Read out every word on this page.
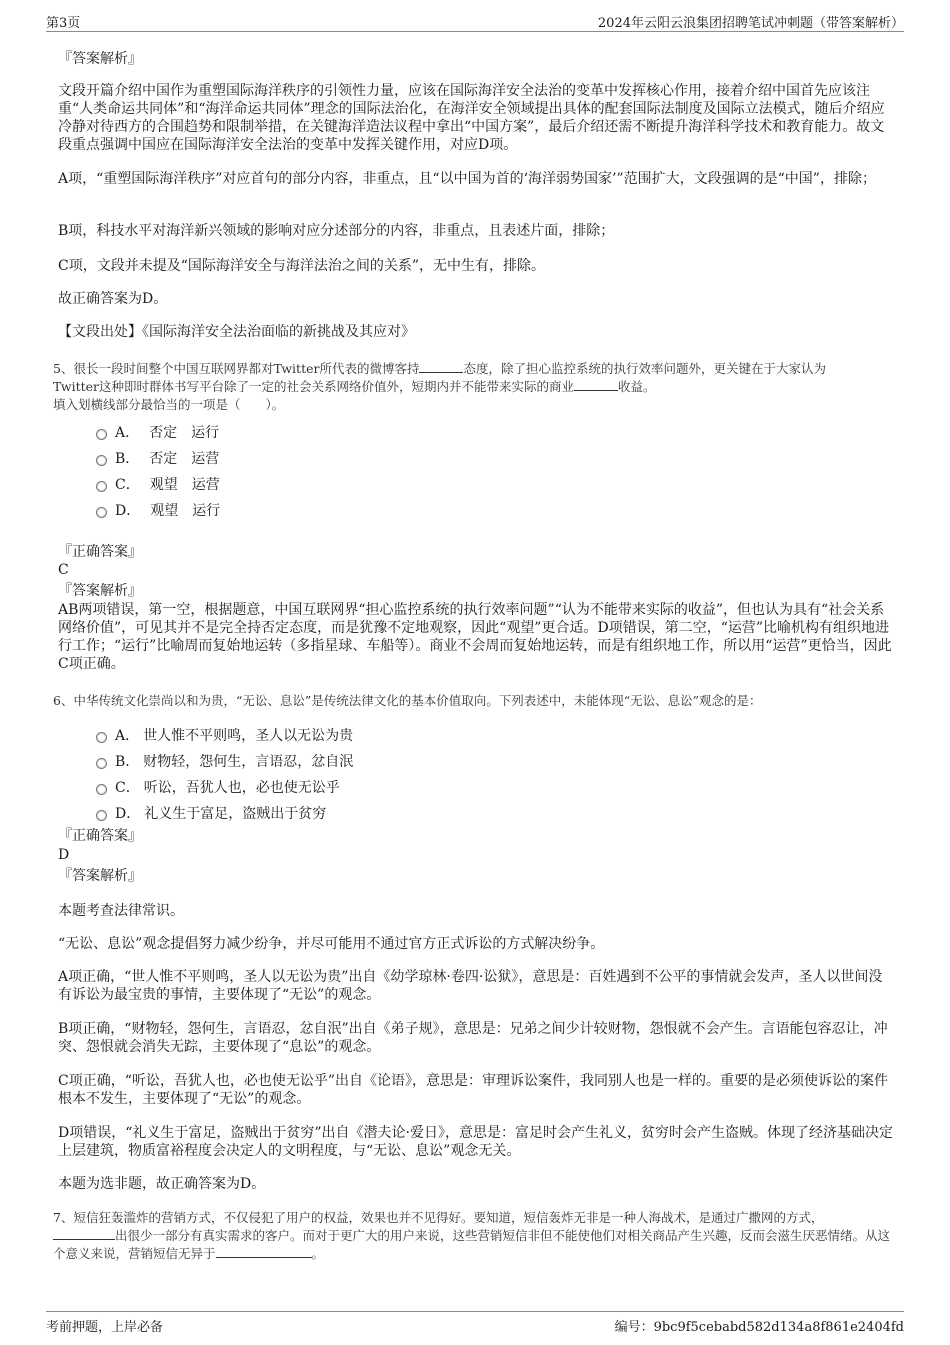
第3页	2024年云阳云浪集团招聘笔试冲刺题（带答案解析）
『答案解析』
文段开篇介绍中国作为重塑国际海洋秩序的引领性力量，应该在国际海洋安全法治的变革中发挥核心作用，接着介绍中国首先应该注重“人类命运共同体”和“海洋命运共同体”理念的国际法治化，在海洋安全领域提出具体的配套国际法制度及国际立法模式，随后介绍应冷静对待西方的合围趋势和限制举措，在关键海洋造法议程中拿出“中国方案”，最后介绍还需不断提升海洋科学技术和教育能力。故文段重点强调中国应在国际海洋安全法治的变革中发挥关键作用，对应D项。
A项，“重塑国际海洋秩序”对应首句的部分内容，非重点，且“以中国为首的‘海洋弱势国家’”范围扩大，文段强调的是“中国”，排除；
B项，科技水平对海洋新兴领域的影响对应分述部分的内容，非重点，且表述片面，排除；
C项，文段并未提及“国际海洋安全与海洋法治之间的关系”，无中生有，排除。
故正确答案为D。
【文段出处】《国际海洋安全法治面临的新挑战及其应对》
5、很长一段时间整个中国互联网界都对Twitter所代表的微博客持	态度，除了担心监控系统的执行效率问题外，更关键在于大家认为
Twitter这种即时群体书写平台除了一定的社会关系网络价值外，短期内并不能带来实际的商业	收益。
填入划横线部分最恰当的一项是（　　）。
A． 否定　运行
B． 否定　运营
C． 观望　运营
D． 观望　运行
『正确答案』
C
『答案解析』
AB两项错误，第一空，根据题意，中国互联网界“担心监控系统的执行效率问题”“认为不能带来实际的收益”，但也认为具有“社会关系网络价值”，可见其并不是完全持否定态度，而是犹豫不定地观察，因此“观望”更合适。D项错误，第二空，“运营”比喻机构有组织地进行工作；“运行”比喻周而复始地运转（多指星球、车船等）。商业不会周而复始地运转，而是有组织地工作，所以用“运营”更恰当，因此C项正确。
6、中华传统文化崇尚以和为贵，“无讼、息讼”是传统法律文化的基本价值取向。下列表述中，未能体现“无讼、息讼”观念的是：
A． 世人惟不平则鸣，圣人以无讼为贵
B． 财物轻，怨何生，言语忍，忿自泯
C． 听讼，吾犹人也，必也使无讼乎
D． 礼义生于富足，盗贼出于贫穷
『正确答案』
D
『答案解析』
本题考查法律常识。
“无讼、息讼”观念提倡努力减少纷争，并尽可能用不通过官方正式诉讼的方式解决纷争。
A项正确，“世人惟不平则鸣，圣人以无讼为贵”出自《幼学琼林·卷四·讼狱》，意思是：百姓遇到不公平的事情就会发声，圣人以世间没有诉讼为最宝贵的事情，主要体现了“无讼”的观念。
B项正确，“财物轻，怨何生，言语忍，忿自泯”出自《弟子规》，意思是：兄弟之间少计较财物，怨恨就不会产生。言语能包容忍让，冲突、怨恨就会消失无踪，主要体现了“息讼”的观念。
C项正确，“听讼，吾犹人也，必也使无讼乎”出自《论语》，意思是：审理诉讼案件，我同别人也是一样的。重要的是必须使诉讼的案件根本不发生，主要体现了“无讼”的观念。
D项错误，“礼义生于富足，盗贼出于贫穷”出自《潜夫论·爱日》，意思是：富足时会产生礼义，贫穷时会产生盗贼。体现了经济基础决定上层建筑，物质富裕程度会决定人的文明程度，与“无讼、息讼”观念无关。
本题为选非题，故正确答案为D。
7、短信狂轰滥炸的营销方式，不仅侵犯了用户的权益，效果也并不见得好。要知道，短信轰炸无非是一种人海战术，是通过广撒网的方式，
出很少一部分有真实需求的客户。而对于更广大的用户来说，这些营销短信非但不能使他们对相关商品产生兴趣，反而会滋生厌恶情绪。从这个意义来说，营销短信无异于	。
考前押题，上岸必备	编号：9bc9f5cebabd582d134a8f861e2404fd
